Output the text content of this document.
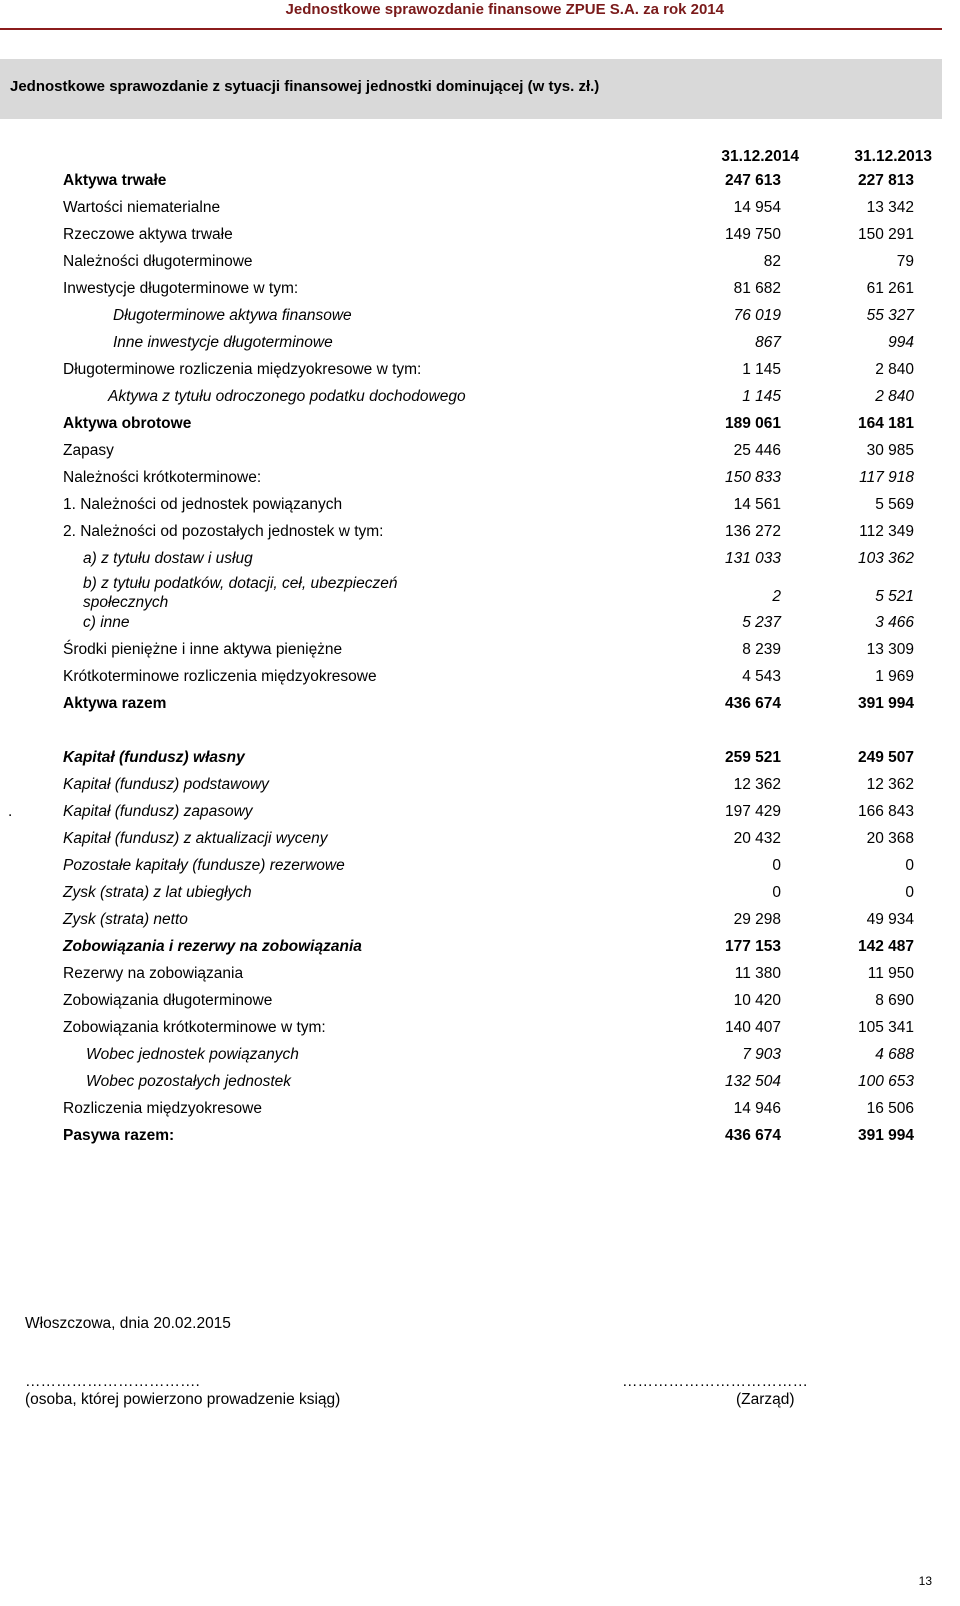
Jednostkowe sprawozdanie finansowe ZPUE S.A. za rok 2014
Jednostkowe sprawozdanie z sytuacji finansowej jednostki dominującej (w tys. zł.)
31.12.2014	31.12.2013
Aktywa trwałe	247 613	227 813
Wartości niematerialne	14 954	13 342
Rzeczowe aktywa trwałe	149 750	150 291
Należności długoterminowe	82	79
Inwestycje długoterminowe w tym:	81 682	61 261
Długoterminowe aktywa finansowe	76 019	55 327
Inne inwestycje długoterminowe	867	994
Długoterminowe rozliczenia międzyokresowe w tym:	1 145	2 840
Aktywa z tytułu odroczonego podatku dochodowego	1 145	2 840
Aktywa obrotowe	189 061	164 181
Zapasy	25 446	30 985
Należności krótkoterminowe:	150 833	117 918
1. Należności od jednostek powiązanych	14 561	5 569
2. Należności od pozostałych jednostek w tym:	136 272	112 349
a) z tytułu dostaw i usług	131 033	103 362
b) z tytułu podatków, dotacji, ceł, ubezpieczeń
społecznych	2	5 521
c) inne	5 237	3 466
Środki pieniężne i inne aktywa pieniężne	8 239	13 309
Krótkoterminowe rozliczenia międzyokresowe	4 543	1 969
Aktywa razem	436 674	391 994
Kapitał (fundusz) własny	259 521	249 507
Kapitał (fundusz) podstawowy	12 362	12 362
.	Kapitał (fundusz) zapasowy	197 429	166 843
Kapitał (fundusz) z aktualizacji wyceny	20 432	20 368
Pozostałe kapitały (fundusze) rezerwowe	0	0
Zysk (strata) z lat ubiegłych	0	0
Zysk (strata) netto	29 298	49 934
Zobowiązania i rezerwy na zobowiązania	177 153	142 487
Rezerwy na zobowiązania	11 380	11 950
Zobowiązania długoterminowe	10 420	8 690
Zobowiązania krótkoterminowe w tym:	140 407	105 341
Wobec jednostek powiązanych	7 903	4 688
Wobec pozostałych jednostek	132 504	100 653
Rozliczenia międzyokresowe	14 946	16 506
Pasywa razem:	436 674	391 994
Włoszczowa, dnia 20.02.2015
…………………………….	………………………………
(osoba, której powierzono prowadzenie ksiąg)	(Zarząd)
13
